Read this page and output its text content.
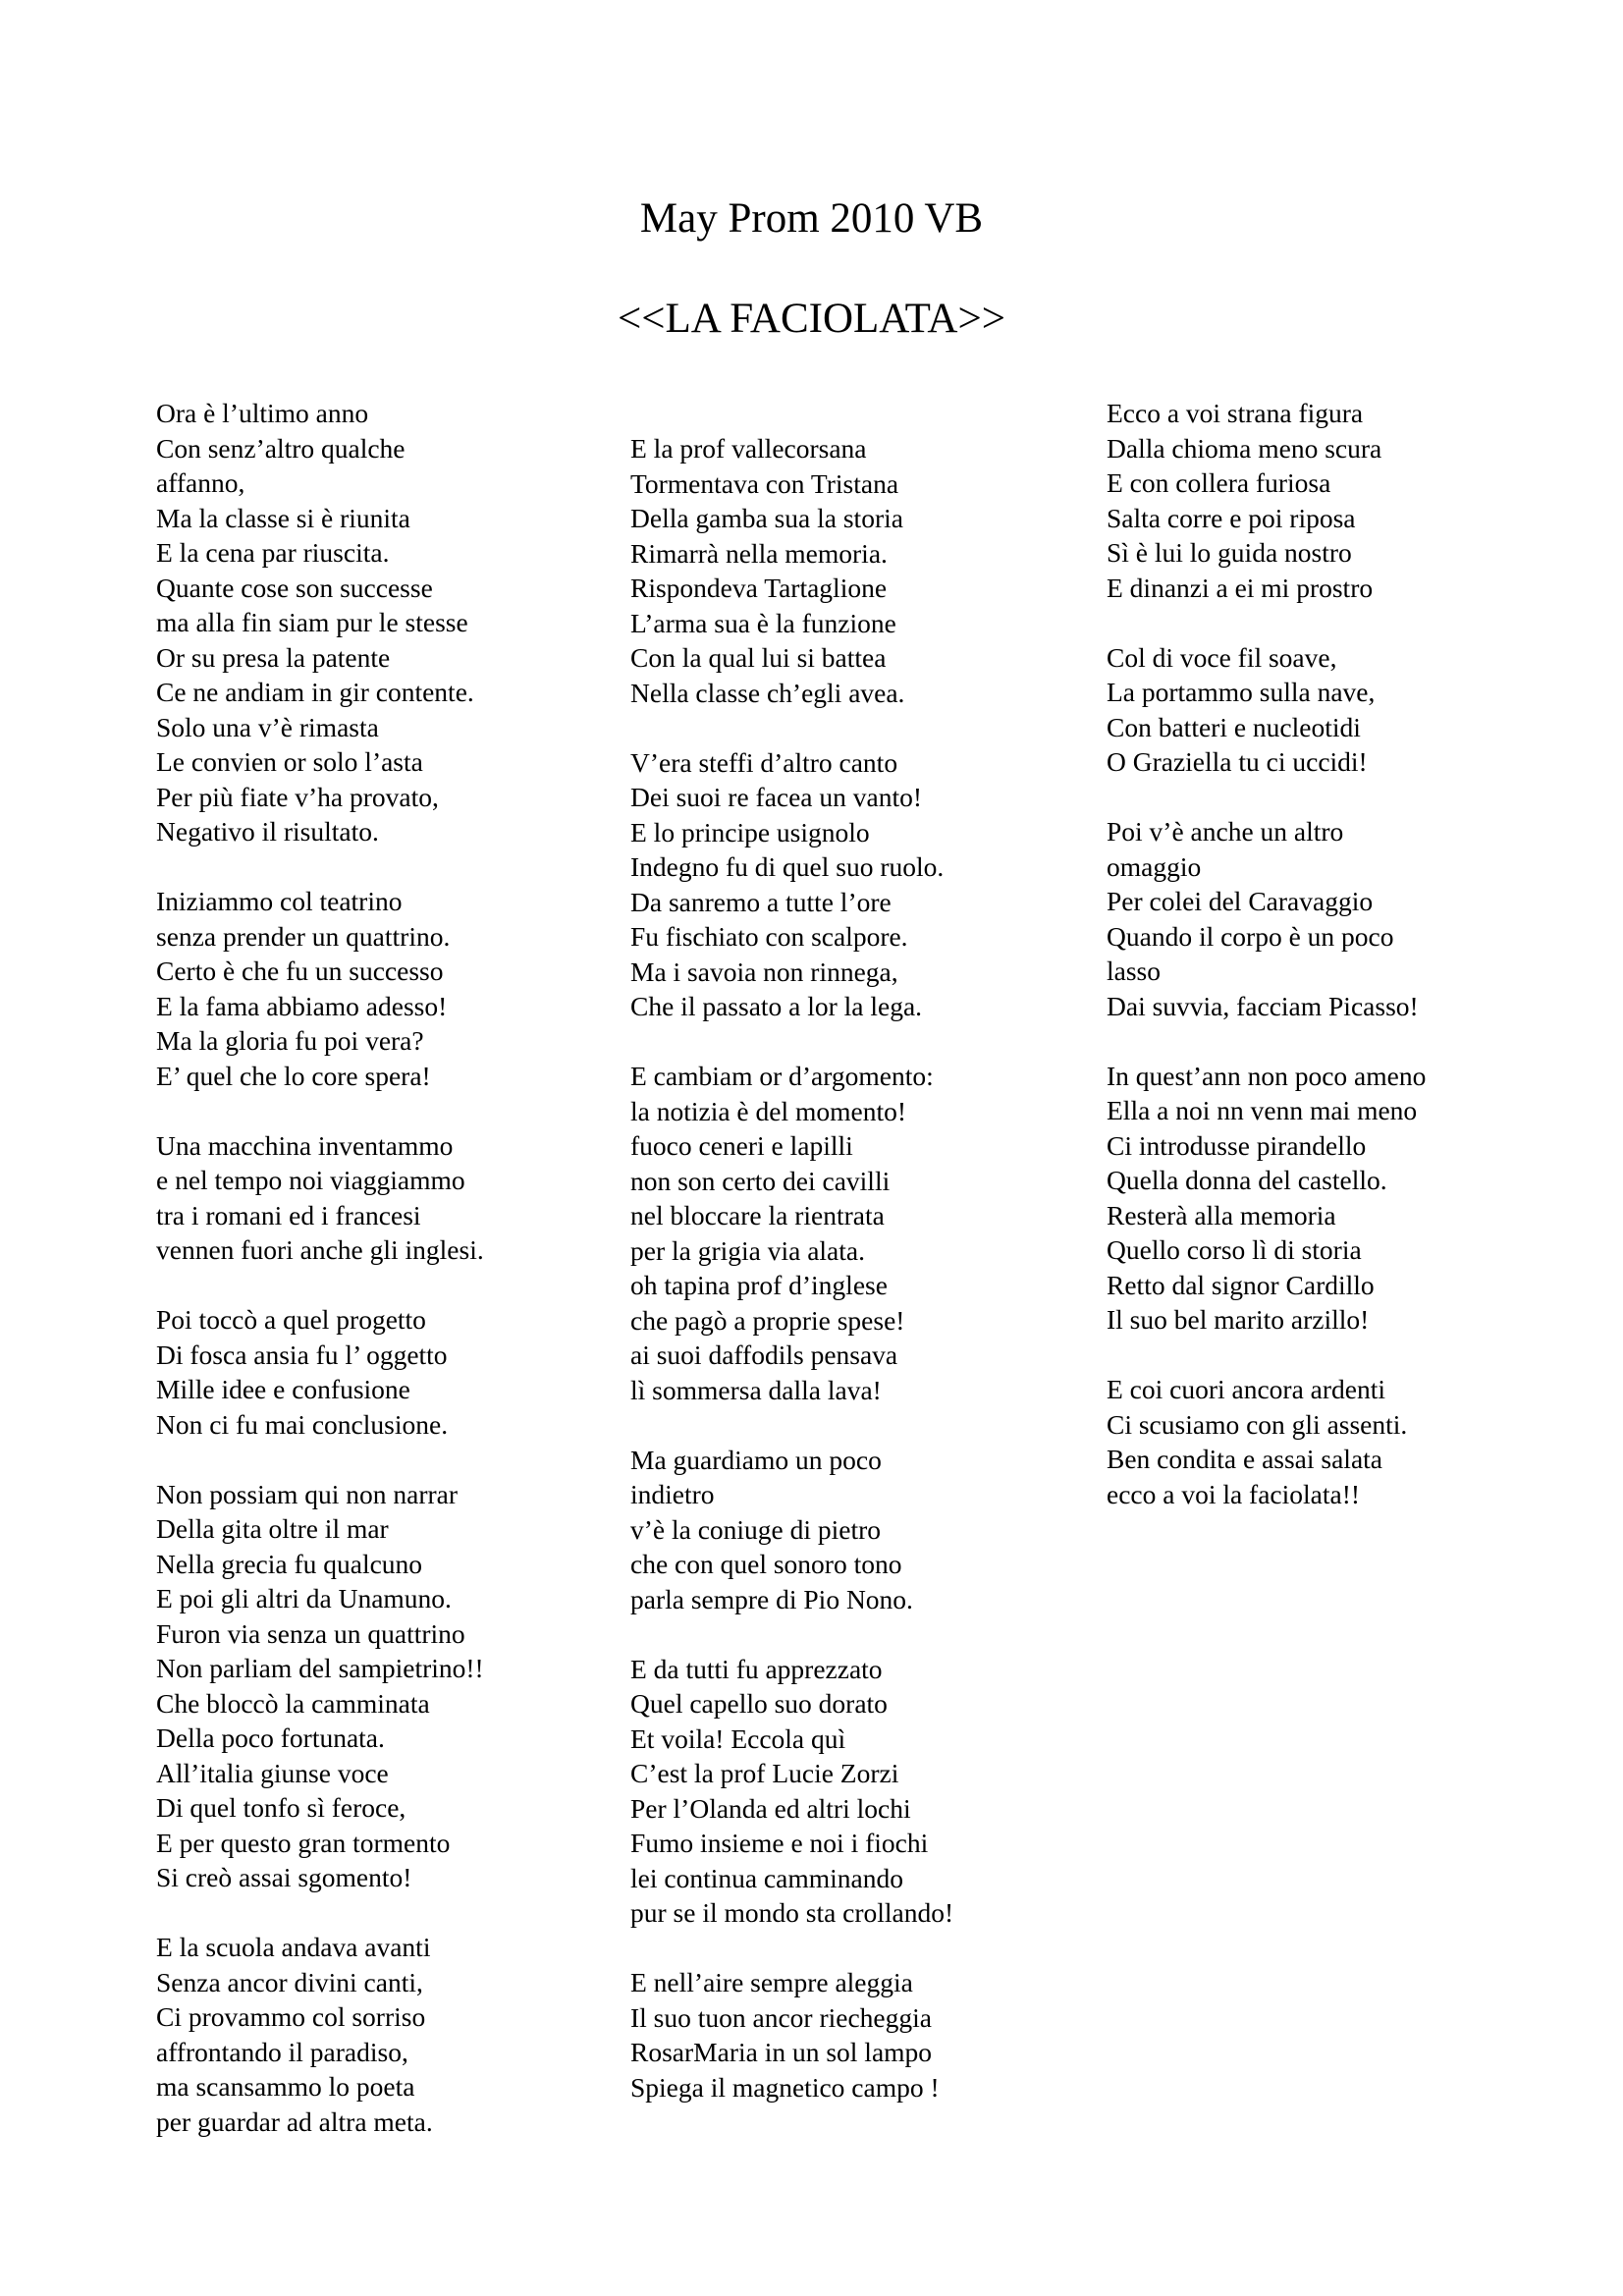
May Prom 2010 VB
<<LA FACIOLATA>>
Ora è l’ultimo anno
Con senz’altro qualche
affanno,
Ma la classe si è riunita
E la cena par riuscita.
Quante cose son successe
ma alla fin siam pur le stesse
Or su presa la patente
Ce ne andiam in gir contente.
Solo una v’è rimasta
Le convien or solo l’asta
Per più fiate v’ha provato,
Negativo il risultato.
Iniziammo col teatrino
senza prender un quattrino.
Certo è che fu un successo
E la fama abbiamo adesso!
Ma la gloria fu poi vera?
E’ quel che lo core spera!
Una macchina inventammo
e nel tempo noi viaggiammo
tra i romani ed i francesi
vennen fuori anche gli inglesi.
Poi toccò a quel progetto
Di fosca ansia fu l’ oggetto
Mille idee e confusione
Non ci fu mai conclusione.
Non possiam qui non narrar
Della gita oltre il mar
Nella grecia fu qualcuno
E poi gli altri da Unamuno.
Furon via senza un quattrino
Non parliam del sampietrino!!
Che bloccò la camminata
Della poco fortunata.
All’italia giunse voce
Di quel tonfo sì feroce,
E per questo gran tormento
Si creò assai sgomento!
E la scuola andava avanti
Senza ancor divini canti,
Ci provammo col sorriso
affrontando il paradiso,
ma scansammo lo poeta
per guardar ad altra meta.
E la prof vallecorsana
Tormentava con Tristana
Della gamba sua la storia
Rimarrà nella memoria.
Rispondeva Tartaglione
L’arma sua è la funzione
Con la qual lui si battea
Nella classe ch’egli avea.
V’era steffi d’altro canto
Dei suoi re facea un vanto!
E lo principe usignolo
Indegno fu di quel suo ruolo.
Da sanremo a tutte l’ore
Fu fischiato con scalpore.
Ma i savoia non rinnega,
Che il passato a lor la lega.
E cambiam or d’argomento:
la notizia è del momento!
fuoco ceneri e lapilli
non son certo dei cavilli
nel bloccare la rientrata
per la grigia via alata.
oh tapina prof d’inglese
che pagò a proprie spese!
ai suoi daffodils pensava
lì sommersa dalla lava!
Ma guardiamo un poco
indietro
v’è la coniuge di pietro
che con quel sonoro tono
parla sempre di Pio Nono.
E da tutti fu apprezzato
Quel capello suo dorato
Et voila! Eccola quì
C’est la prof Lucie Zorzi
Per l’Olanda ed altri lochi
Fumo insieme e noi i fiochi
lei continua camminando
pur se il mondo sta crollando!
E nell’aire sempre aleggia
Il suo tuon ancor riecheggia
RosarMaria in un sol lampo
Spiega il magnetico campo !
Ecco a voi strana figura
Dalla chioma meno scura
E con collera furiosa
Salta corre e poi riposa
Sì è lui lo guida nostro
E dinanzi a ei mi prostro
Col di voce fil soave,
La portammo sulla nave,
Con batteri e nucleotidi
O Graziella tu ci uccidi!
Poi v’è anche un altro
omaggio
Per colei del Caravaggio
Quando il corpo è un poco
lasso
Dai suvvia, facciam Picasso!
In quest’ann non poco ameno
Ella a noi nn venn mai meno
Ci introdusse pirandello
Quella donna del castello.
Resterà alla memoria
Quello corso lì di storia
Retto dal signor Cardillo
Il suo bel marito arzillo!
E coi cuori ancora ardenti
Ci scusiamo con gli assenti.
Ben condita e assai salata
ecco a voi la faciolata!!
